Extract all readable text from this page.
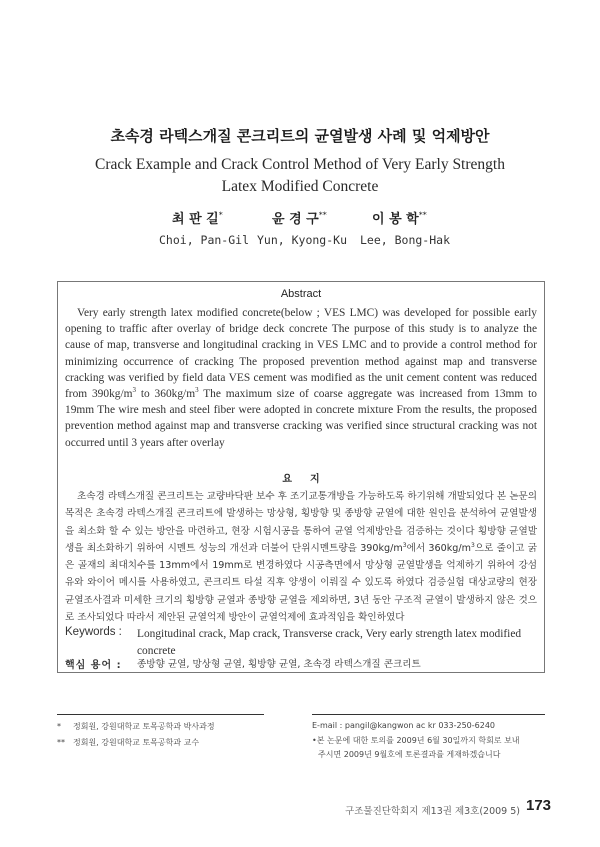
초속경 라텍스개질 콘크리트의 균열발생 사례 및 억제방안
Crack Example and Crack Control Method of Very Early Strength
Latex Modified Concrete
최 판 길*	윤 경 구**	이 봉 학**
Choi, Pan-Gil Yun, Kyong-Ku Lee, Bong-Hak
Abstract
Very early strength latex modified concrete(below ; VES LMC) was developed for possible early opening to traffic after overlay of bridge deck concrete The purpose of this study is to analyze the cause of map, transverse and longitudinal cracking in VES LMC and to provide a control method for minimizing occurrence of cracking The proposed prevention method against map and transverse cracking was verified by field data VES cement was modified as the unit cement content was reduced from $390kg/m^3$ to $360kg/m^3$ The maximum size of coarse aggregate was increased from 13mm to 19mm The wire mesh and steel fiber were adopted in concrete mixture From the results, the proposed prevention method against map and transverse cracking was verified since structural cracking was not occurred until 3 years after overlay
요지
초속경 라텍스개질 콘크리트는 교량바닥판 보수 후 조기교통개방을 가능하도록 하기위해 개발되었다 본 논문의 목적은 초속경 라텍스개질 콘크리트에 발생하는 망상형, 횡방향 및 종방향 균열에 대한 원인을 분석하여 균열발생을 최소화 할 수 있는 방안을 마련하고, 현장 시험시공을 통하여 균열 억제방안을 검증하는 것이다 횡방향 균열발생을 최소화하기 위하여 시멘트 성능의 개선과 더불어 단위시멘트량을 $390kg/m^3$에서 $360kg/m^3$으로 줄이고 굵은 골재의 최대치수를 13mm에서 19mm로 변경하였다 시공측면에서 망상형 균열발생을 억제하기 위하여 강섬유와 와이어 메시를 사용하였고, 콘크리트 타설 직후 양생이 이뤄질 수 있도록 하였다 검증실험 대상교량의 현장 균열조사결과 미세한 크기의 횡방향 균열과 종방향 균열을 제외하면, 3년 동안 구조적 균열이 발생하지 않은 것으로 조사되었다 따라서 제안된 균열억제 방안이 균열억제에 효과적임을 확인하였다
Keywords : Longitudinal crack, Map crack, Transverse crack, Very early strength latex modified concrete
핵심 용어 : 종방향 균열, 망상형 균열, 횡방향 균열, 초속경 라텍스개질 콘크리트
* 정회원, 강원대학교 토목공학과 박사과정
** 정회원, 강원대학교 토목공학과 교수
E-mail : pangil@kangwon ac kr 033-250-6240
•본 논문에 대한 토의를 2009년 6월 30일까지 학회로 보내
주시면 2009년 9월호에 토론결과를 게재하겠습니다
구조물진단학회지 제13권 제3호(2009 5) 173
